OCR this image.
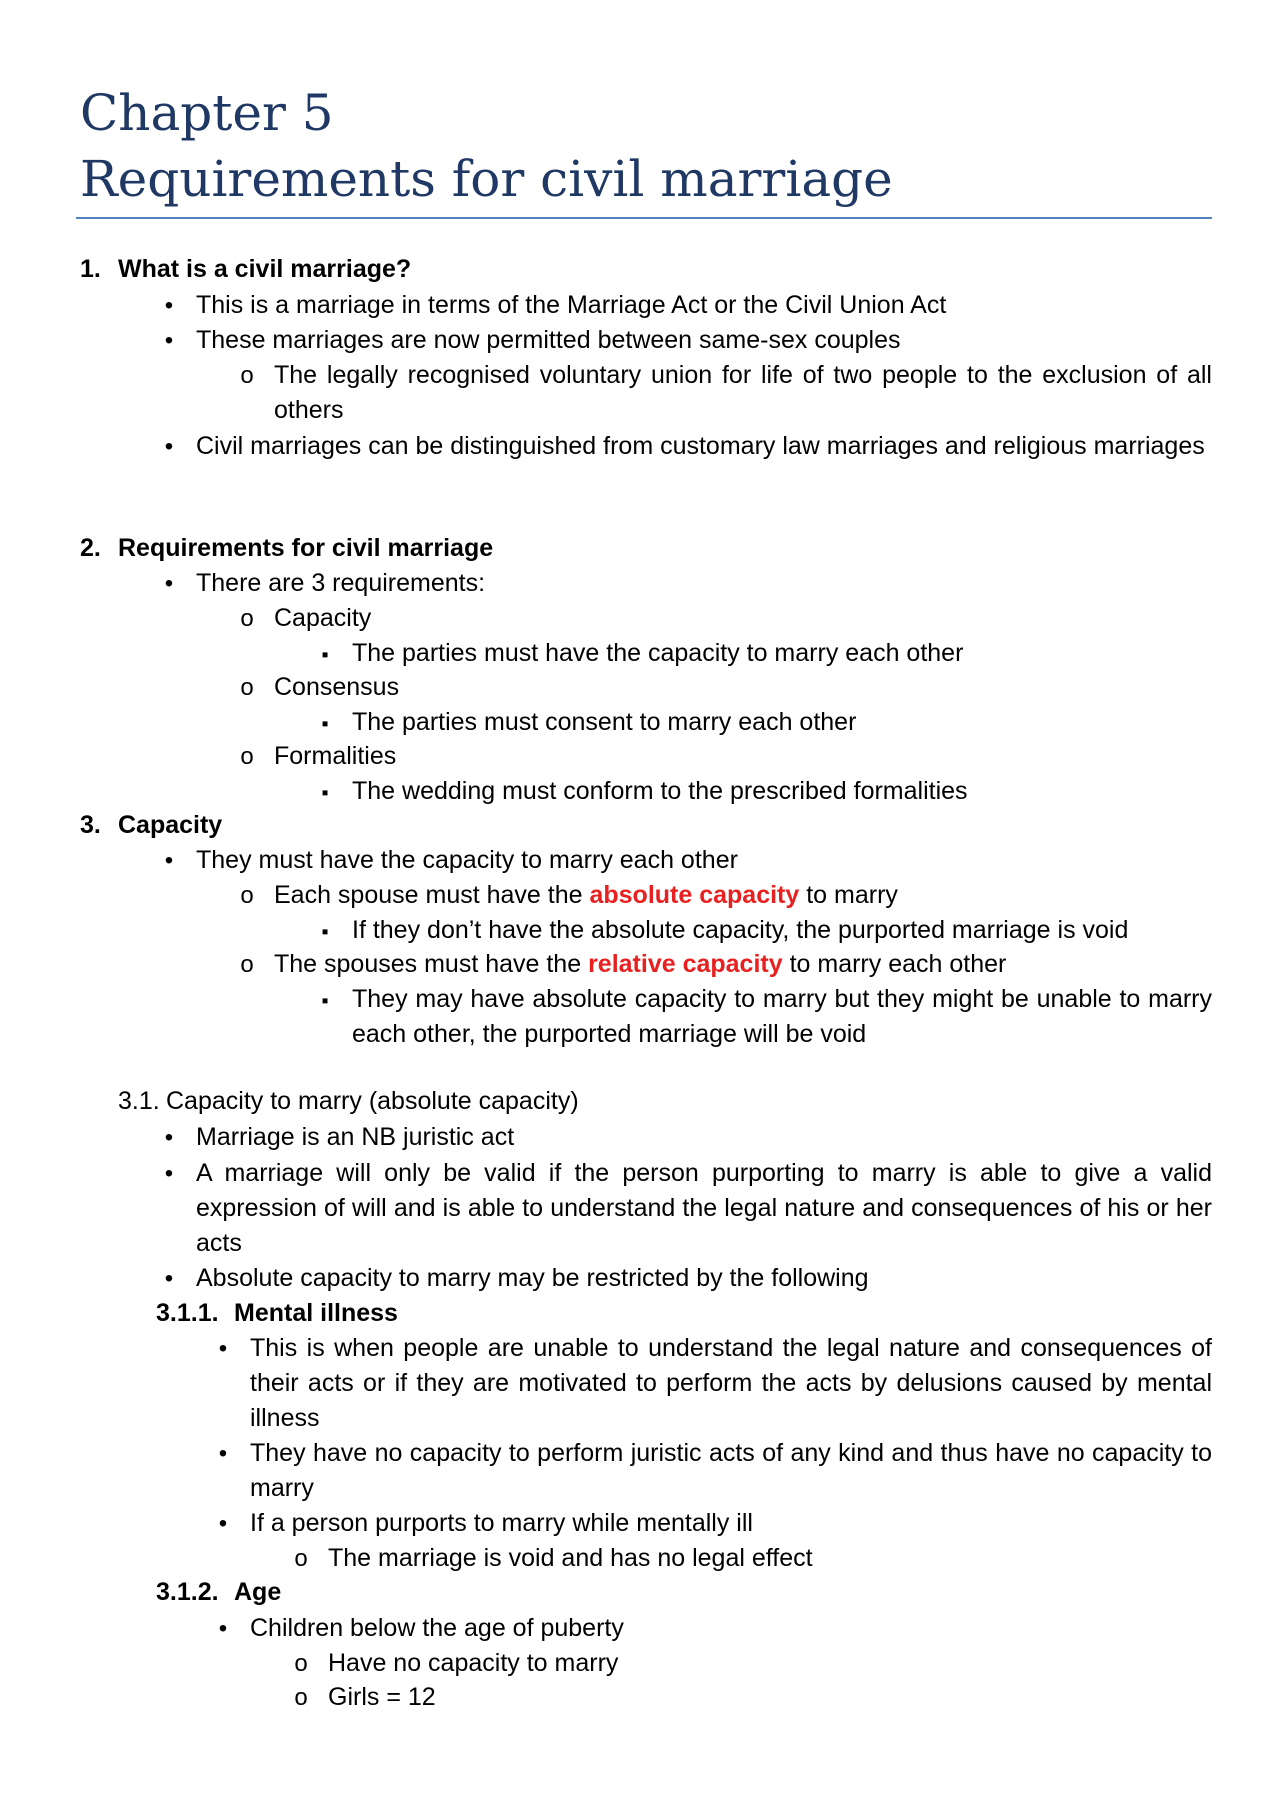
Chapter 5
Requirements for civil marriage
1. What is a civil marriage?
•
This is a marriage in terms of the Marriage Act or the Civil Union Act
•
These marriages are now permitted between same-sex couples
o
The legally recognised voluntary union for life of two people to the exclusion of all others
•
Civil marriages can be distinguished from customary law marriages and religious marriages
2. Requirements for civil marriage
•
There are 3 requirements:
o
Capacity
▪
The parties must have the capacity to marry each other
o
Consensus
▪
The parties must consent to marry each other
o
Formalities
▪
The wedding must conform to the prescribed formalities
3. Capacity
•
They must have the capacity to marry each other
o
Each spouse must have the absolute capacity to marry
▪
If they don’t have the absolute capacity, the purported marriage is void
o
The spouses must have the relative capacity to marry each other
▪
They may have absolute capacity to marry but they might be unable to marry each other, the purported marriage will be void
3.1. Capacity to marry (absolute capacity)
•
Marriage is an NB juristic act
•
A marriage will only be valid if the person purporting to marry is able to give a valid expression of will and is able to understand the legal nature and consequences of his or her acts
•
Absolute capacity to marry may be restricted by the following
3.1.1. Mental illness
•
This is when people are unable to understand the legal nature and consequences of their acts or if they are motivated to perform the acts by delusions caused by mental illness
•
They have no capacity to perform juristic acts of any kind and thus have no capacity to marry
•
If a person purports to marry while mentally ill
o
The marriage is void and has no legal effect
3.1.2. Age
•
Children below the age of puberty
o
Have no capacity to marry
o
Girls = 12
